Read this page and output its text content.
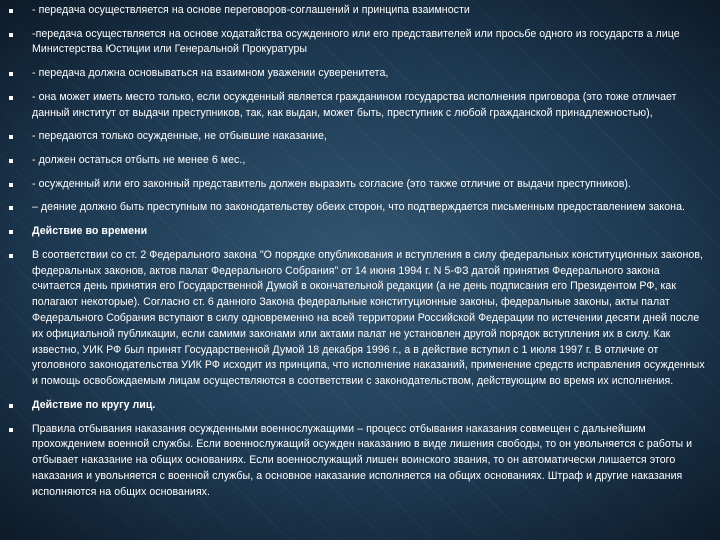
- передача осуществляется на основе переговоров-соглашений и принципа взаимности
-передача осуществляется на основе ходатайства осужденного или его представителей или просьбе одного из государств а лице Министерства Юстиции или Генеральной Прокуратуры
- передача должна основываться на взаимном уважении суверенитета,
- она может иметь место только, если осужденный является гражданином государства исполнения приговора (это тоже отличает данный институт от выдачи преступников, так, как выдан, может быть, преступник с любой гражданской принадлежностью),
- передаются только осужденные, не отбывшие наказание,
- должен остаться отбыть не менее 6 мес.,
- осужденный или его законный представитель должен выразить согласие (это также отличие от выдачи преступников).
– деяние должно быть преступным по законодательству обеих сторон, что подтверждается письменным предоставлением закона.
Действие во времени
В соответствии со ст. 2 Федерального закона "О порядке опубликования и вступления в силу федеральных конституционных законов, федеральных законов, актов палат Федерального Собрания" от 14 июня 1994 г. N 5-ФЗ датой принятия Федерального закона считается день принятия его Государственной Думой в окончательной редакции (а не день подписания его Президентом РФ, как полагают некоторые). Согласно ст. 6 данного Закона федеральные конституционные законы, федеральные законы, акты палат Федерального Собрания вступают в силу одновременно на всей территории Российской Федерации по истечении десяти дней после их официальной публикации, если самими законами или актами палат не установлен другой порядок вступления их в силу. Как известно, УИК РФ был принят Государственной Думой 18 декабря 1996 г., а в действие вступил с 1 июля 1997 г. В отличие от уголовного законодательства УИК РФ исходит из принципа, что исполнение наказаний, применение средств исправления осужденных и помощь освобождаемым лицам осуществляются в соответствии с законодательством, действующим во время их исполнения.
Действие по кругу лиц.
Правила отбывания наказания осужденными военнослужащими – процесс отбывания наказания совмещен с дальнейшим прохождением военной службы. Если военнослужащий осужден наказанию в виде лишения свободы, то он увольняется с работы и отбывает наказание на общих основаниях. Если военнослужащий лишен воинского звания, то он автоматически лишается этого наказания и увольняется с военной службы, а основное наказание исполняется на общих основаниях. Штраф и другие наказания исполняются на общих основаниях.
